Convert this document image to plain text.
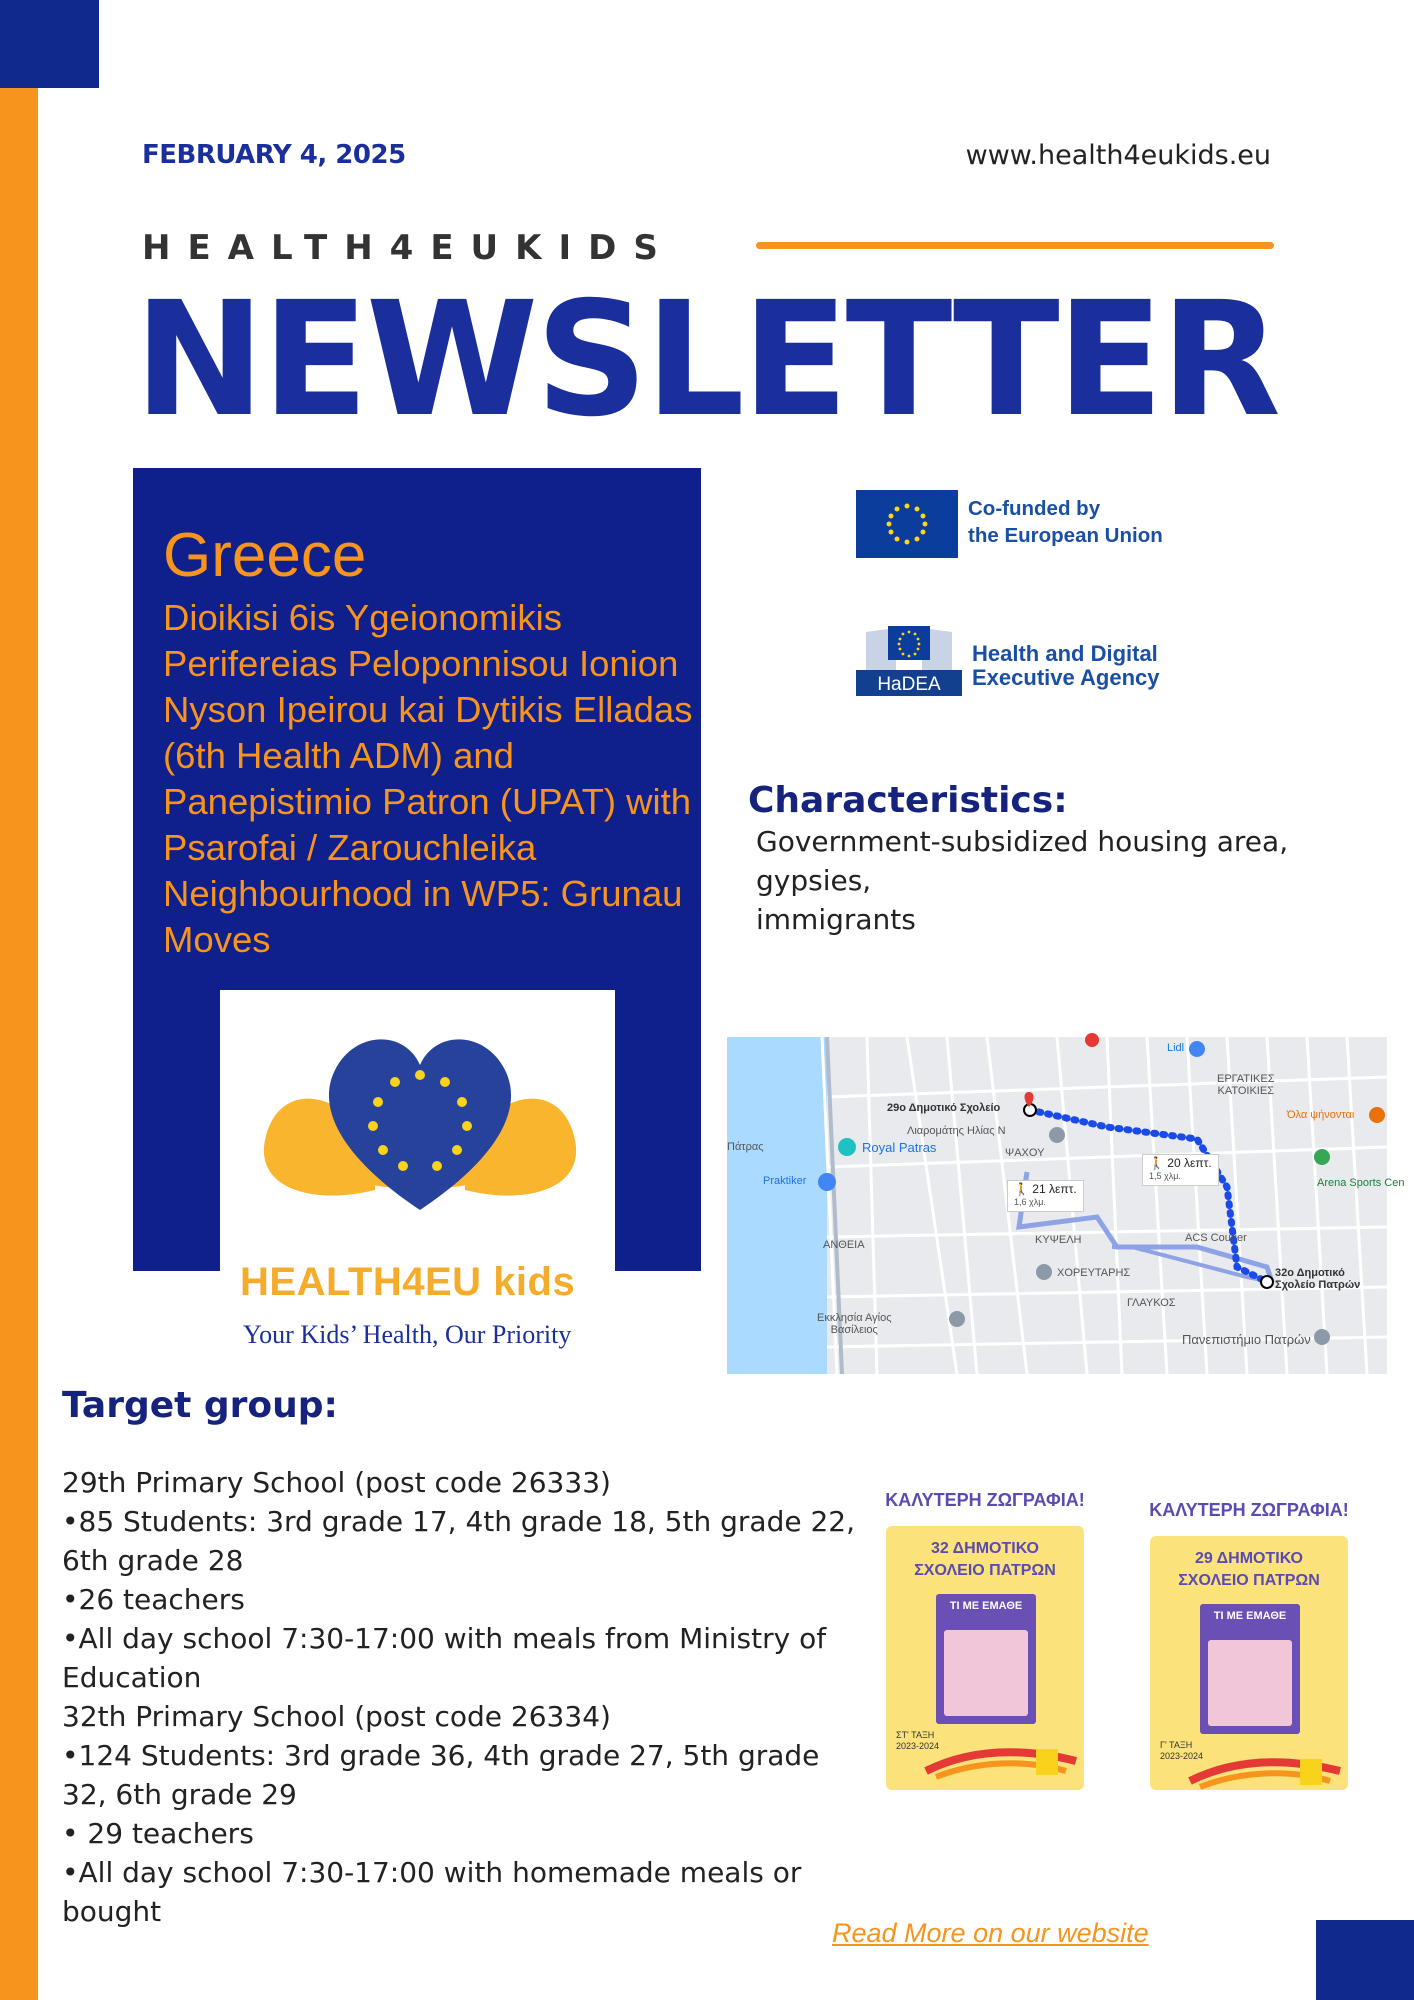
FEBRUARY 4, 2025	www.health4eukids.eu
HEALTH4EUKIDS
NEWSLETTER
Greece
Dioikisi 6is Ygeionomikis Perifereias Peloponnisou Ionion Nyson Ipeirou kai Dytikis Elladas (6th Health ADM) and Panepistimio Patron (UPAT) with Psarofai / Zarouchleika Neighbourhood in WP5: Grunau Moves
HEALTH4EU kids
Your Kids’ Health, Our Priority
Co-funded by
the European Union
HaDEA
Health and Digital
Executive Agency
Characteristics:
Government-subsidized housing area,
gypsies,
immigrants
29ο Δημοτικό Σχολείο
32ο Δημοτικό
Σχολείο Πατρών
ΕΡΓΑΤΙΚΕΣ
ΚΑΤΟΙΚΙΕΣ
Royal Patras
Praktiker
Πάτρας
ΑΝΘΕΙΑ	ΚΥΨΕΛΗ
ΓΛΑΥΚΟΣ
ΧΟΡΕΥΤΑΡΗΣ
Πανεπιστήμιο Πατρών
Εκκλησία Αγίος
Βασίλειος
Arena Sports Cen
Όλα ψήνονται
Lidl
ACS Courier
ΨΑΧΟΥ
Λιαρομάτης Ηλίας Ν
🚶 21 λεπτ.
1,6 χλμ.
🚶 20 λεπτ.
1,5 χλμ.
Target group:
29th Primary School (post code 26333)
•85 Students: 3rd grade 17, 4th grade 18, 5th grade 22, 6th grade 28
•26 teachers
•All day school 7:30-17:00 with meals from Ministry of Education
32th Primary School (post code 26334)
•124 Students: 3rd grade 36, 4th grade 27, 5th grade 32, 6th grade 29
• 29 teachers
•All day school 7:30-17:00 with homemade meals or bought
ΚΑΛΥΤΕΡΗ ΖΩΓΡΑΦΙΑ!
32 ΔΗΜΟΤΙΚΟ
ΣΧΟΛΕΙΟ ΠΑΤΡΩΝ
ΤΙ ΜΕ ΕΜΑΘΕ
ΣΤ' ΤΑΞΗ
2023-2024
ΚΑΛΥΤΕΡΗ ΖΩΓΡΑΦΙΑ!
29 ΔΗΜΟΤΙΚΟ
ΣΧΟΛΕΙΟ ΠΑΤΡΩΝ
ΤΙ ΜΕ ΕΜΑΘΕ
Γ' ΤΑΞΗ
2023-2024
Read More on our website
